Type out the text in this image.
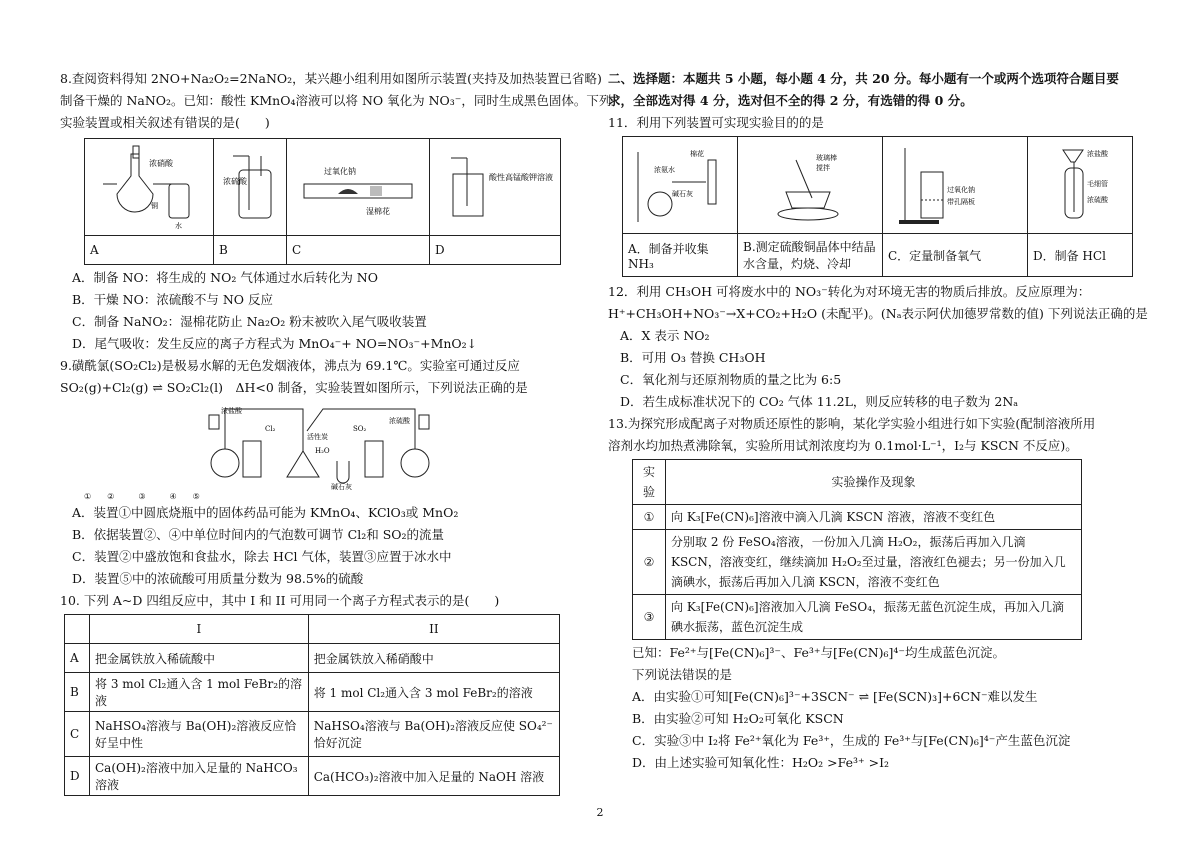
8.查阅资料得知 2NO+Na₂O₂=2NaNO₂，某兴趣小组利用如图所示装置(夹持及加热装置已省略)
制备干燥的 NaNO₂。已知：酸性 KMnO₄溶液可以将 NO 氧化为 NO₃⁻，同时生成黑色固体。下列
实验装置或相关叙述有错误的是(　　)
浓硝酸
铜
水	浓硫酸	过氧化钠
湿棉花	酸性高锰酸钾溶液

A	B	C	D
A．制备 NO：将生成的 NO₂ 气体通过水后转化为 NO
B．干燥 NO：浓硫酸不与 NO 反应
C．制备 NaNO₂：湿棉花防止 Na₂O₂ 粉末被吹入尾气吸收装置
D．尾气吸收：发生反应的离子方程式为 MnO₄⁻+ NO=NO₃⁻+MnO₂↓
9.磺酰氯(SO₂Cl₂)是极易水解的无色发烟液体，沸点为 69.1℃。实验室可通过反应
SO₂(g)+Cl₂(g) ⇌ SO₂Cl₂(l)　ΔH<0 制备，实验装置如图所示，下列说法正确的是
浓盐酸
浓硫酸
Cl₂	SO₂
H₂O
活性炭
碱石灰
①　　②　　　③　　　④　　⑤
A．装置①中圆底烧瓶中的固体药品可能为 KMnO₄、KClO₃或 MnO₂
B．依据装置②、④中单位时间内的气泡数可调节 Cl₂和 SO₂的流量
C．装置②中盛放饱和食盐水，除去 HCl 气体，装置③应置于冰水中
D．装置⑤中的浓硫酸可用质量分数为 98.5%的硫酸
10. 下列 A~D 四组反应中，其中 I 和 II 可用同一个离子方程式表示的是(　　)
	I	II
A	把金属铁放入稀硫酸中	把金属铁放入稀硝酸中
B	将 3 mol Cl₂通入含 1 mol FeBr₂的溶液	将 1 mol Cl₂通入含 3 mol FeBr₂的溶液
C	NaHSO₄溶液与 Ba(OH)₂溶液反应恰好呈中性	NaHSO₄溶液与 Ba(OH)₂溶液反应使 SO₄²⁻恰好沉淀
D	Ca(OH)₂溶液中加入足量的 NaHCO₃溶液	Ca(HCO₃)₂溶液中加入足量的 NaOH 溶液
二、选择题：本题共 5 小题，每小题 4 分，共 20 分。每小题有一个或两个选项符合题目要
求，全部选对得 4 分，选对但不全的得 2 分，有选错的得 0 分。
11．利用下列装置可实现实验目的的是
浓氨水
棉花
碱石灰	玻璃棒
搅拌	过氧化钠
带孔隔板	浓盐酸
毛细管
浓硫酸

A．制备并收集 NH₃	B.测定硫酸铜晶体中结晶水含量，灼烧、冷却	C．定量制备氧气	D．制备 HCl
12．利用 CH₃OH 可将废水中的 NO₃⁻转化为对环境无害的物质后排放。反应原理为：
H⁺+CH₃OH+NO₃⁻→X+CO₂+H₂O (未配平)。(Nₐ表示阿伏加德罗常数的值) 下列说法正确的是
A．X 表示 NO₂
B．可用 O₃ 替换 CH₃OH
C．氧化剂与还原剂物质的量之比为 6:5
D．若生成标准状况下的 CO₂ 气体 11.2L，则反应转移的电子数为 2Nₐ
13.为探究形成配离子对物质还原性的影响，某化学实验小组进行如下实验(配制溶液所用
溶剂水均加热煮沸除氧，实验所用试剂浓度均为 0.1mol·L⁻¹，I₂与 KSCN 不反应)。
实验	实验操作及现象
①	向 K₃[Fe(CN)₆]溶液中滴入几滴 KSCN 溶液，溶液不变红色
②	分别取 2 份 FeSO₄溶液，一份加入几滴 H₂O₂，振荡后再加入几滴 KSCN，溶液变红，继续滴加 H₂O₂至过量，溶液红色褪去；另一份加入几滴碘水，振荡后再加入几滴 KSCN，溶液不变红色
③	向 K₃[Fe(CN)₆]溶液加入几滴 FeSO₄，振荡无蓝色沉淀生成，再加入几滴碘水振荡，蓝色沉淀生成
已知：Fe²⁺与[Fe(CN)₆]³⁻、Fe³⁺与[Fe(CN)₆]⁴⁻均生成蓝色沉淀。
下列说法错误的是
A．由实验①可知[Fe(CN)₆]³⁻+3SCN⁻ ⇌ [Fe(SCN)₃]+6CN⁻难以发生
B．由实验②可知 H₂O₂可氧化 KSCN
C．实验③中 I₂将 Fe²⁺氧化为 Fe³⁺，生成的 Fe³⁺与[Fe(CN)₆]⁴⁻产生蓝色沉淀
D．由上述实验可知氧化性：H₂O₂ >Fe³⁺ >I₂
2
